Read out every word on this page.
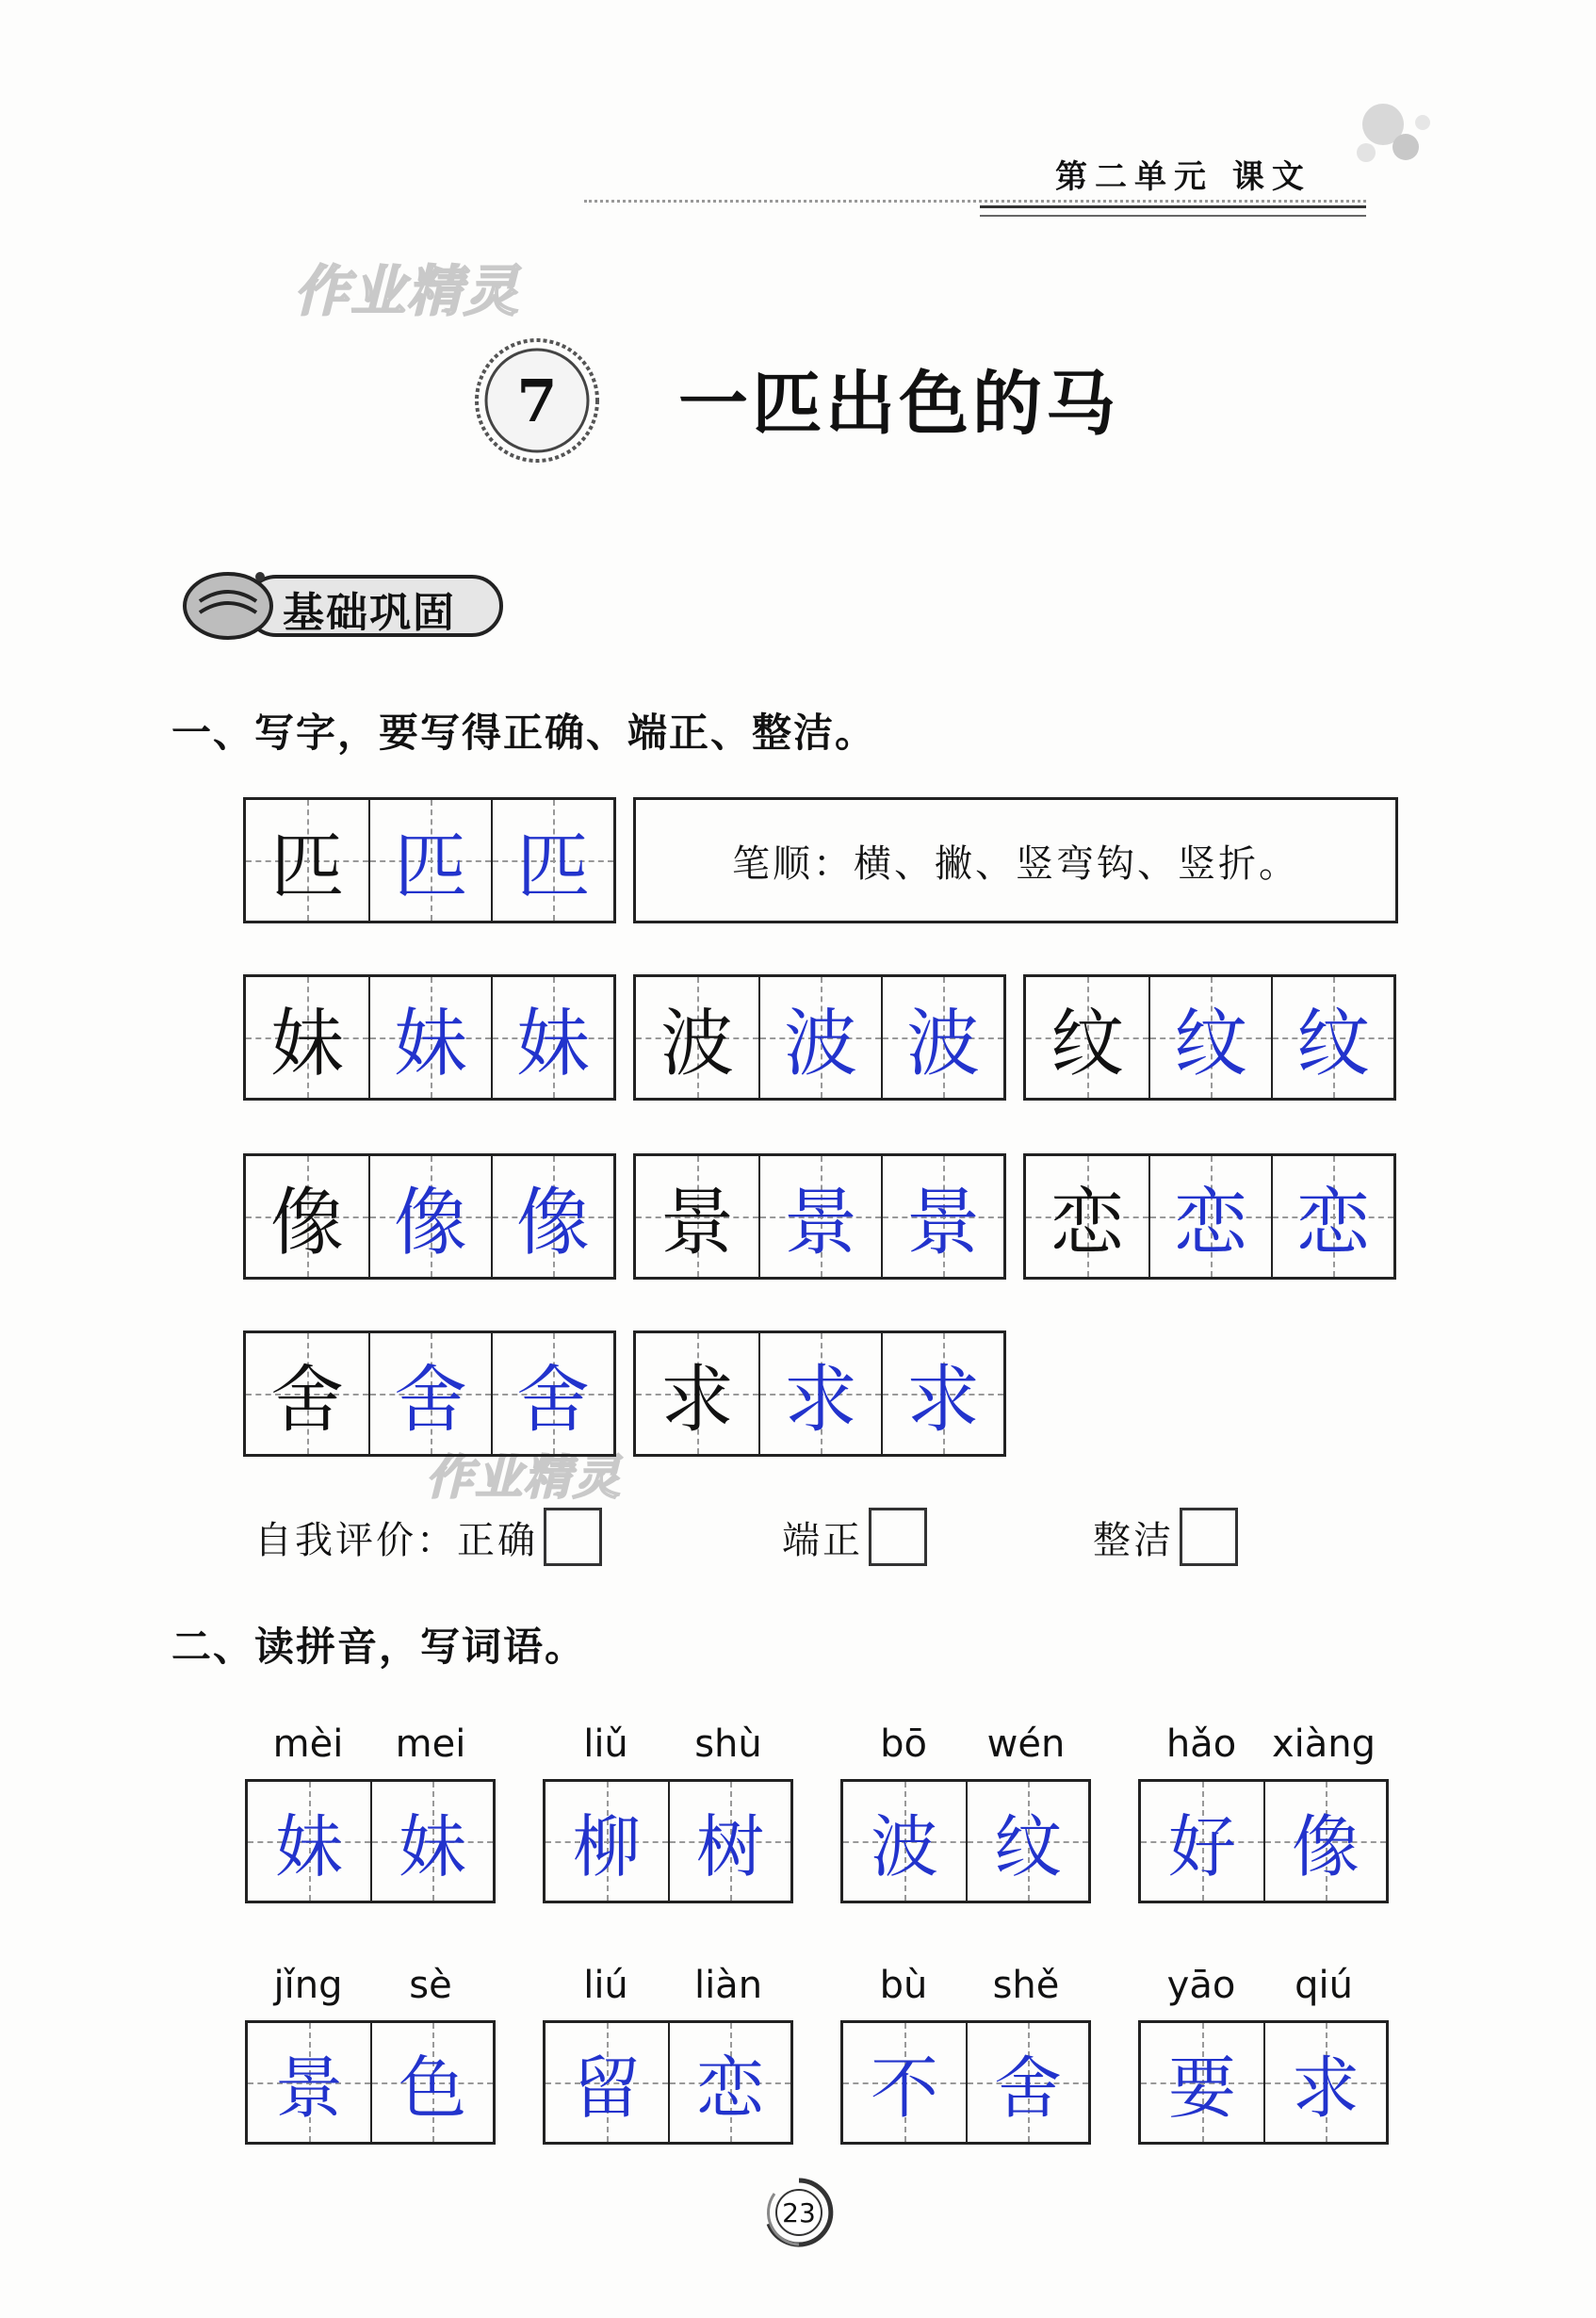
第二单元 课文
作业精灵
作业精灵
7 一匹出色的马
基础巩固
一、写字，要写得正确、端正、整洁。
匹 匹 匹	笔顺：横、撇、竖弯钩、竖折。
妹 妹 妹 波 波 波 纹 纹 纹
像 像 像 景 景 景 恋 恋 恋
舍 舍 舍 求 求 求
自我评价：正确	端正	整洁
二、读拼音，写词语。
mèi	mei
妹 妹
liǔ	shù
柳 树
bō	wén
波 纹
hǎo xiàng
好 像
jǐng	sè
景 色
liú	liàn
留 恋
bù	shě
不 舍
yāo	qiú
要 求
23
